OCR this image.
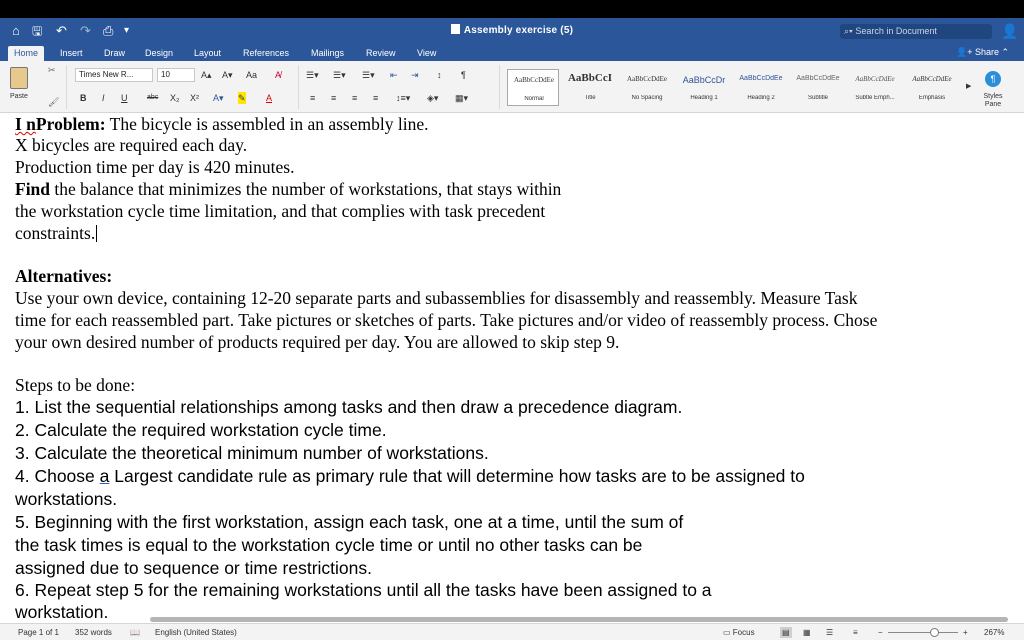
⌂ 🖫 ↶ ↷ ⎙ ▾	Assembly exercise (5)	⌕▾ Search in Document	👤
Home	Insert	Draw	Design	Layout	References	Mailings	Review	View	👤+ Share ⌃
Paste
✂
🖌
Times New R...	10	A▴ A▾ Aa A̸
B I U	abc X₂ X² A▾ ✎ A
☰▾ ☰▾ ☰▾ ⇤ ⇥ ↕ ¶
≡ ≡ ≡ ≡ ↕≡▾ ◈▾ ▦▾
AaBbCcDdEe
Normal
AaBbCcI
Title
AaBbCcDdEe
No Spacing
AaBbCcDr
Heading 1
AaBbCcDdEe
Heading 2
AaBbCcDdEe
Subtitle
AaBbCcDdEe
Subtle Emph...
AaBbCcDdEe
Emphasis
▶
¶
Styles Pane
I nProblem: The bicycle is assembled in an assembly line.
X bicycles are required each day.
Production time per day is 420 minutes.
Find the balance that minimizes the number of workstations, that stays within
the workstation cycle time limitation, and that complies with task precedent
constraints.
Alternatives:
Use your own device, containing 12-20 separate parts and subassemblies for disassembly and reassembly. Measure Task
time for each reassembled part. Take pictures or sketches of parts. Take pictures and/or video of reassembly process. Chose
your own desired number of products required per day. You are allowed to skip step 9.
Steps to be done:
1. List the sequential relationships among tasks and then draw a precedence diagram.
2. Calculate the required workstation cycle time.
3. Calculate the theoretical minimum number of workstations.
4. Choose a Largest candidate rule as primary rule that will determine how tasks are to be assigned to
workstations.
5. Beginning with the first workstation, assign each task, one at a time, until the sum of
the task times is equal to the workstation cycle time or until no other tasks can be
assigned due to sequence or time restrictions.
6. Repeat step 5 for the remaining workstations until all the tasks have been assigned to a
workstation.
Page 1 of 1 352 words 📖 English (United States)	▭ Focus	▤ ▦ ☰ ≡	−	+ 267%
